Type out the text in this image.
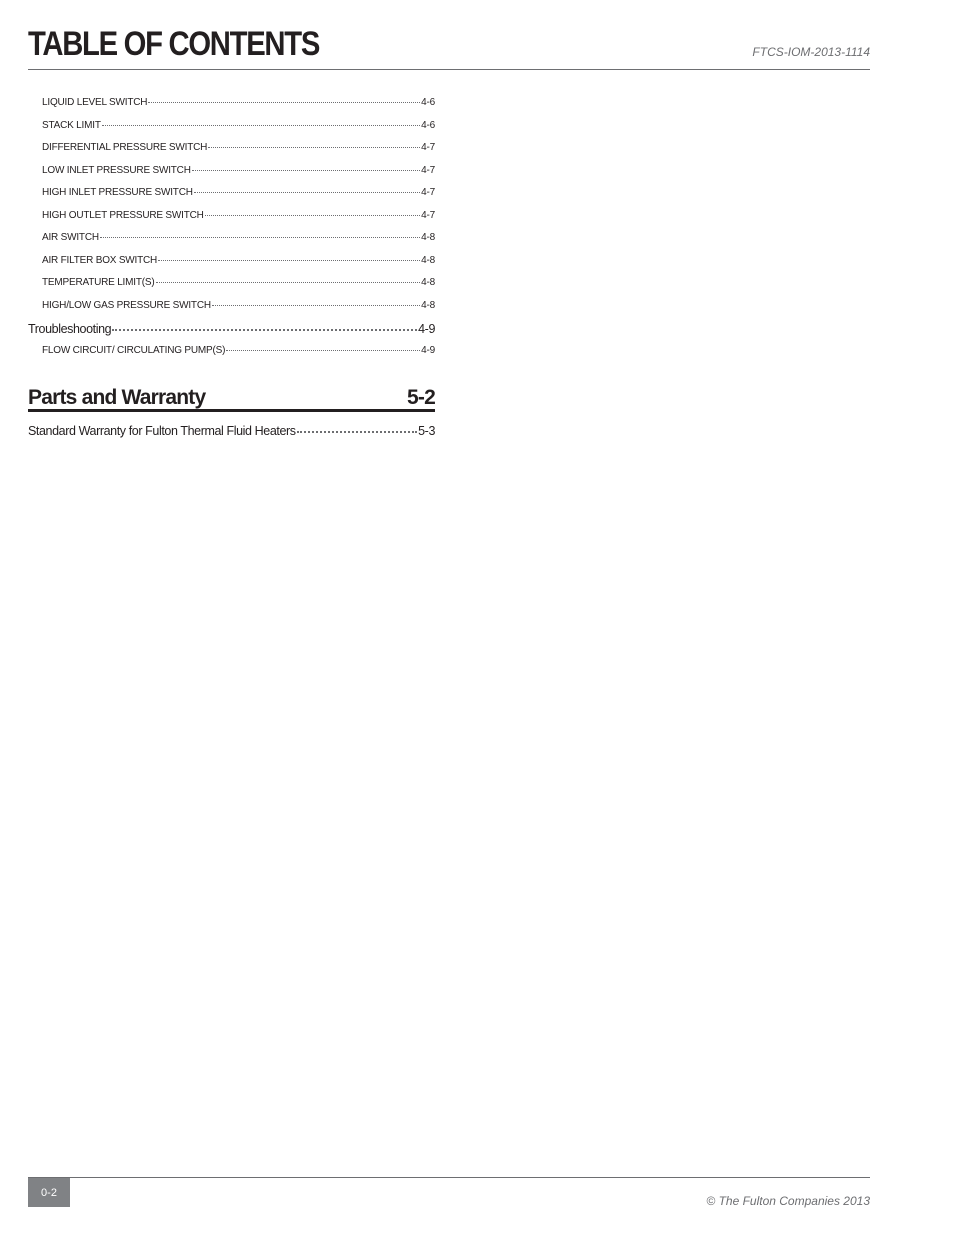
TABLE OF CONTENTS	FTCS-IOM-2013-1114
LIQUID LEVEL SWITCH	4-6
STACK LIMIT	4-6
DIFFERENTIAL PRESSURE SWITCH	4-7
LOW INLET PRESSURE SWITCH	4-7
HIGH INLET PRESSURE SWITCH	4-7
HIGH OUTLET PRESSURE SWITCH	4-7
AIR SWITCH	4-8
AIR FILTER BOX SWITCH	4-8
TEMPERATURE LIMIT(S)	4-8
HIGH/LOW GAS PRESSURE SWITCH	4-8
Troubleshooting	4-9
FLOW CIRCUIT/ CIRCULATING PUMP(S)	4-9
Parts and Warranty	5-2
Standard Warranty for Fulton Thermal Fluid Heaters	5-3
0-2
© The Fulton Companies 2013
